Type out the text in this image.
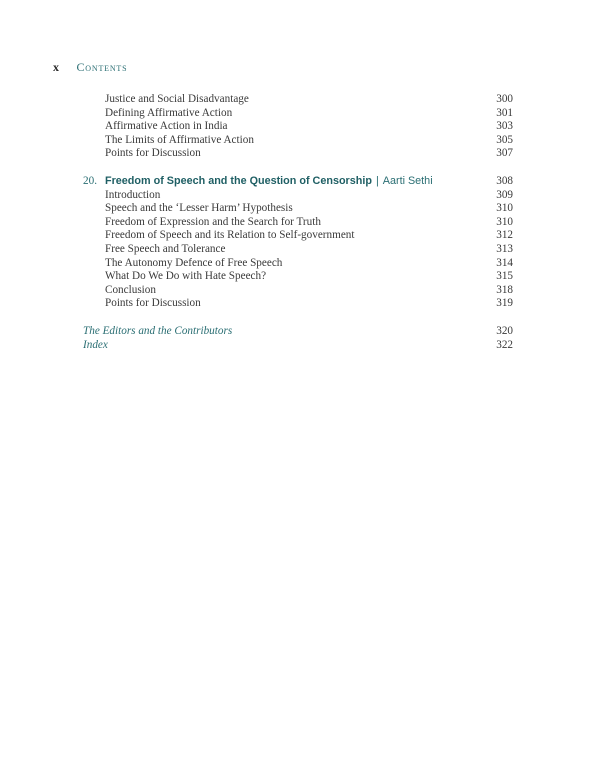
x Contents
Justice and Social Disadvantage	300
Defining Affirmative Action	301
Affirmative Action in India	303
The Limits of Affirmative Action	305
Points for Discussion	307
20. Freedom of Speech and the Question of Censorship | Aarti Sethi	308
Introduction	309
Speech and the ‘Lesser Harm’ Hypothesis	310
Freedom of Expression and the Search for Truth	310
Freedom of Speech and its Relation to Self-government	312
Free Speech and Tolerance	313
The Autonomy Defence of Free Speech	314
What Do We Do with Hate Speech?	315
Conclusion	318
Points for Discussion	319
The Editors and the Contributors	320
Index	322
